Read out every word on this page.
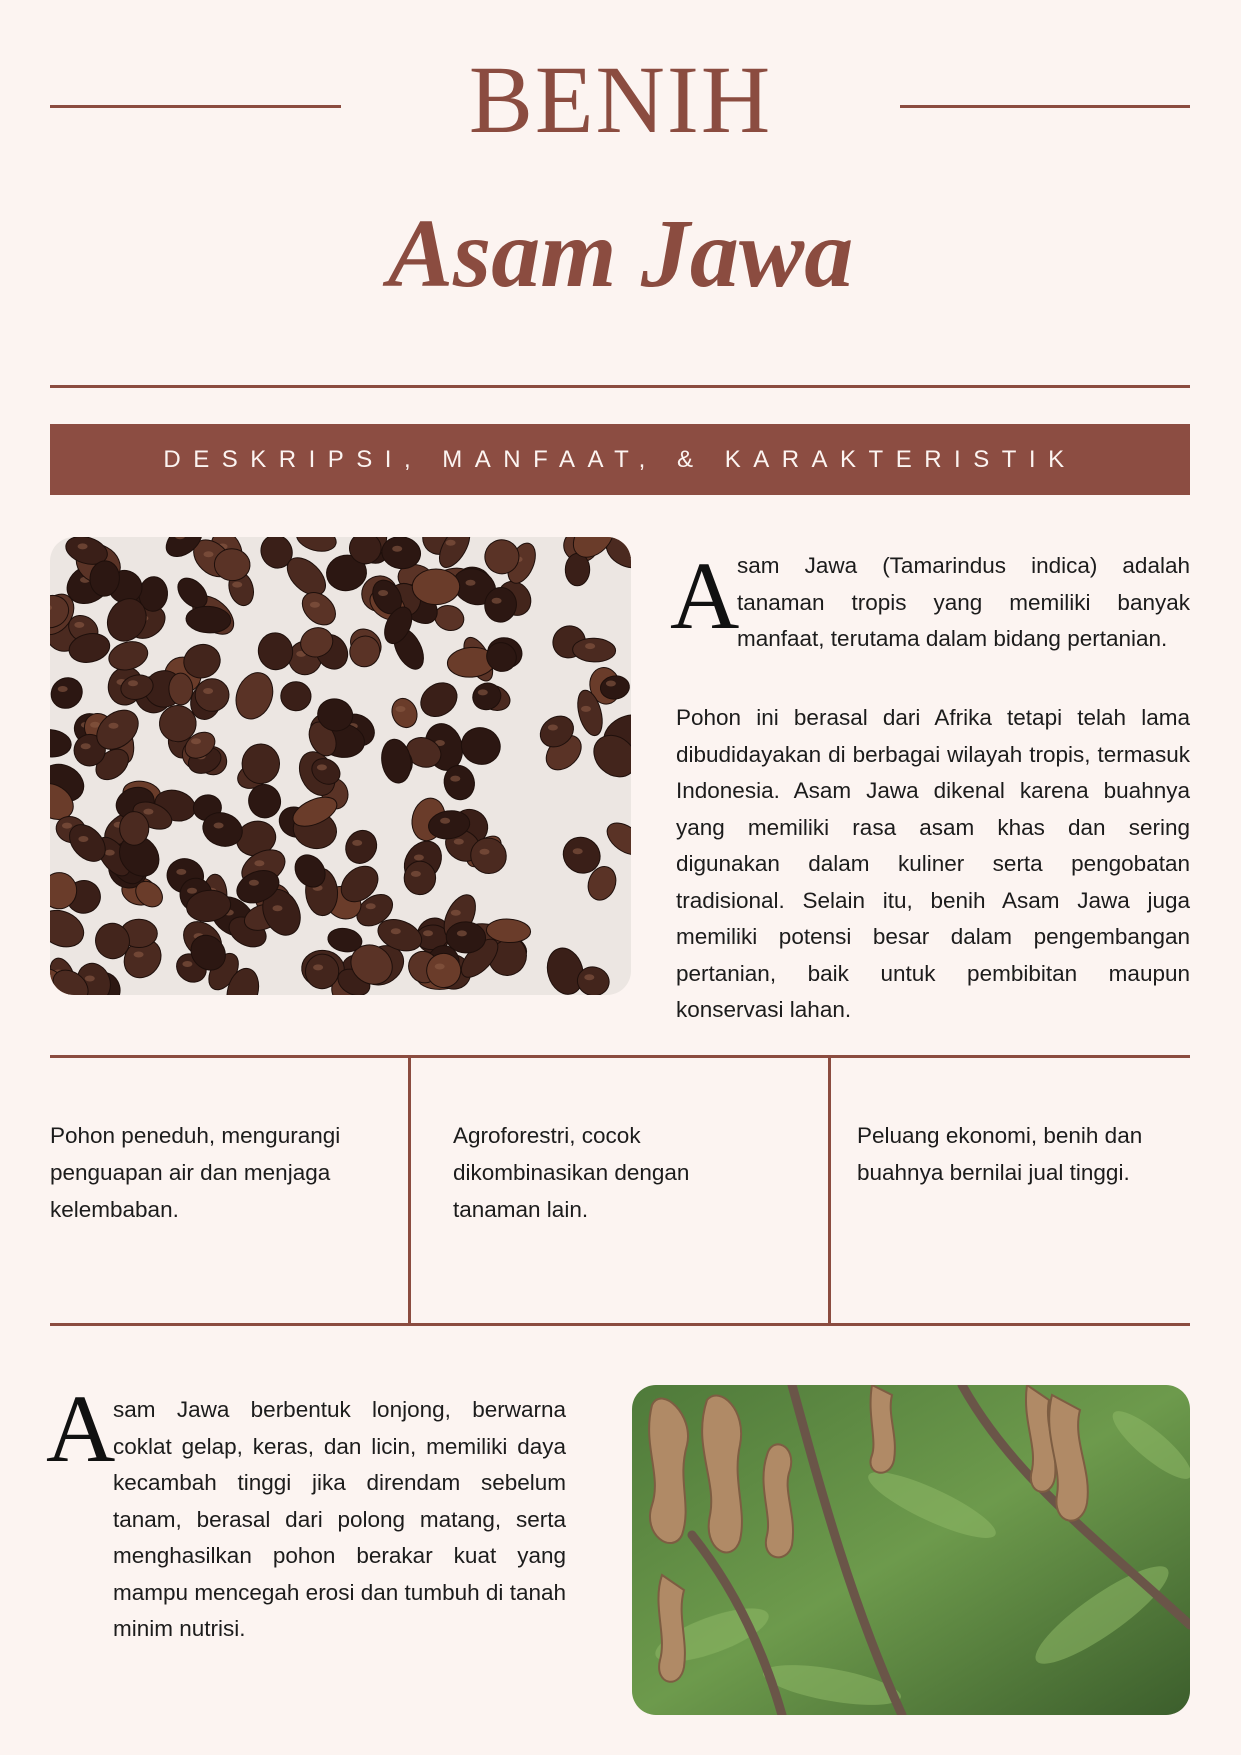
BENIH
Asam Jawa
DESKRIPSI, MANFAAT, & KARAKTERISTIK
A
sam Jawa (Tamarindus indica) adalah tanaman tropis yang memiliki banyak manfaat, terutama dalam bidang pertanian.
Pohon ini berasal dari Afrika tetapi telah lama dibudidayakan di berbagai wilayah tropis, termasuk Indonesia. Asam Jawa dikenal karena buahnya yang memiliki rasa asam khas dan sering digunakan dalam kuliner serta pengobatan tradisional. Selain itu, benih Asam Jawa juga memiliki potensi besar dalam pengembangan pertanian, baik untuk pembibitan maupun konservasi lahan.
Pohon peneduh, mengurangi penguapan air dan menjaga kelembaban.
Agroforestri, cocok dikombinasikan dengan tanaman lain.
Peluang ekonomi, benih dan buahnya bernilai jual tinggi.
A
sam Jawa berbentuk lonjong, berwarna coklat gelap, keras, dan licin, memiliki daya kecambah tinggi jika direndam sebelum tanam, berasal dari polong matang, serta menghasilkan pohon berakar kuat yang mampu mencegah erosi dan tumbuh di tanah minim nutrisi.
